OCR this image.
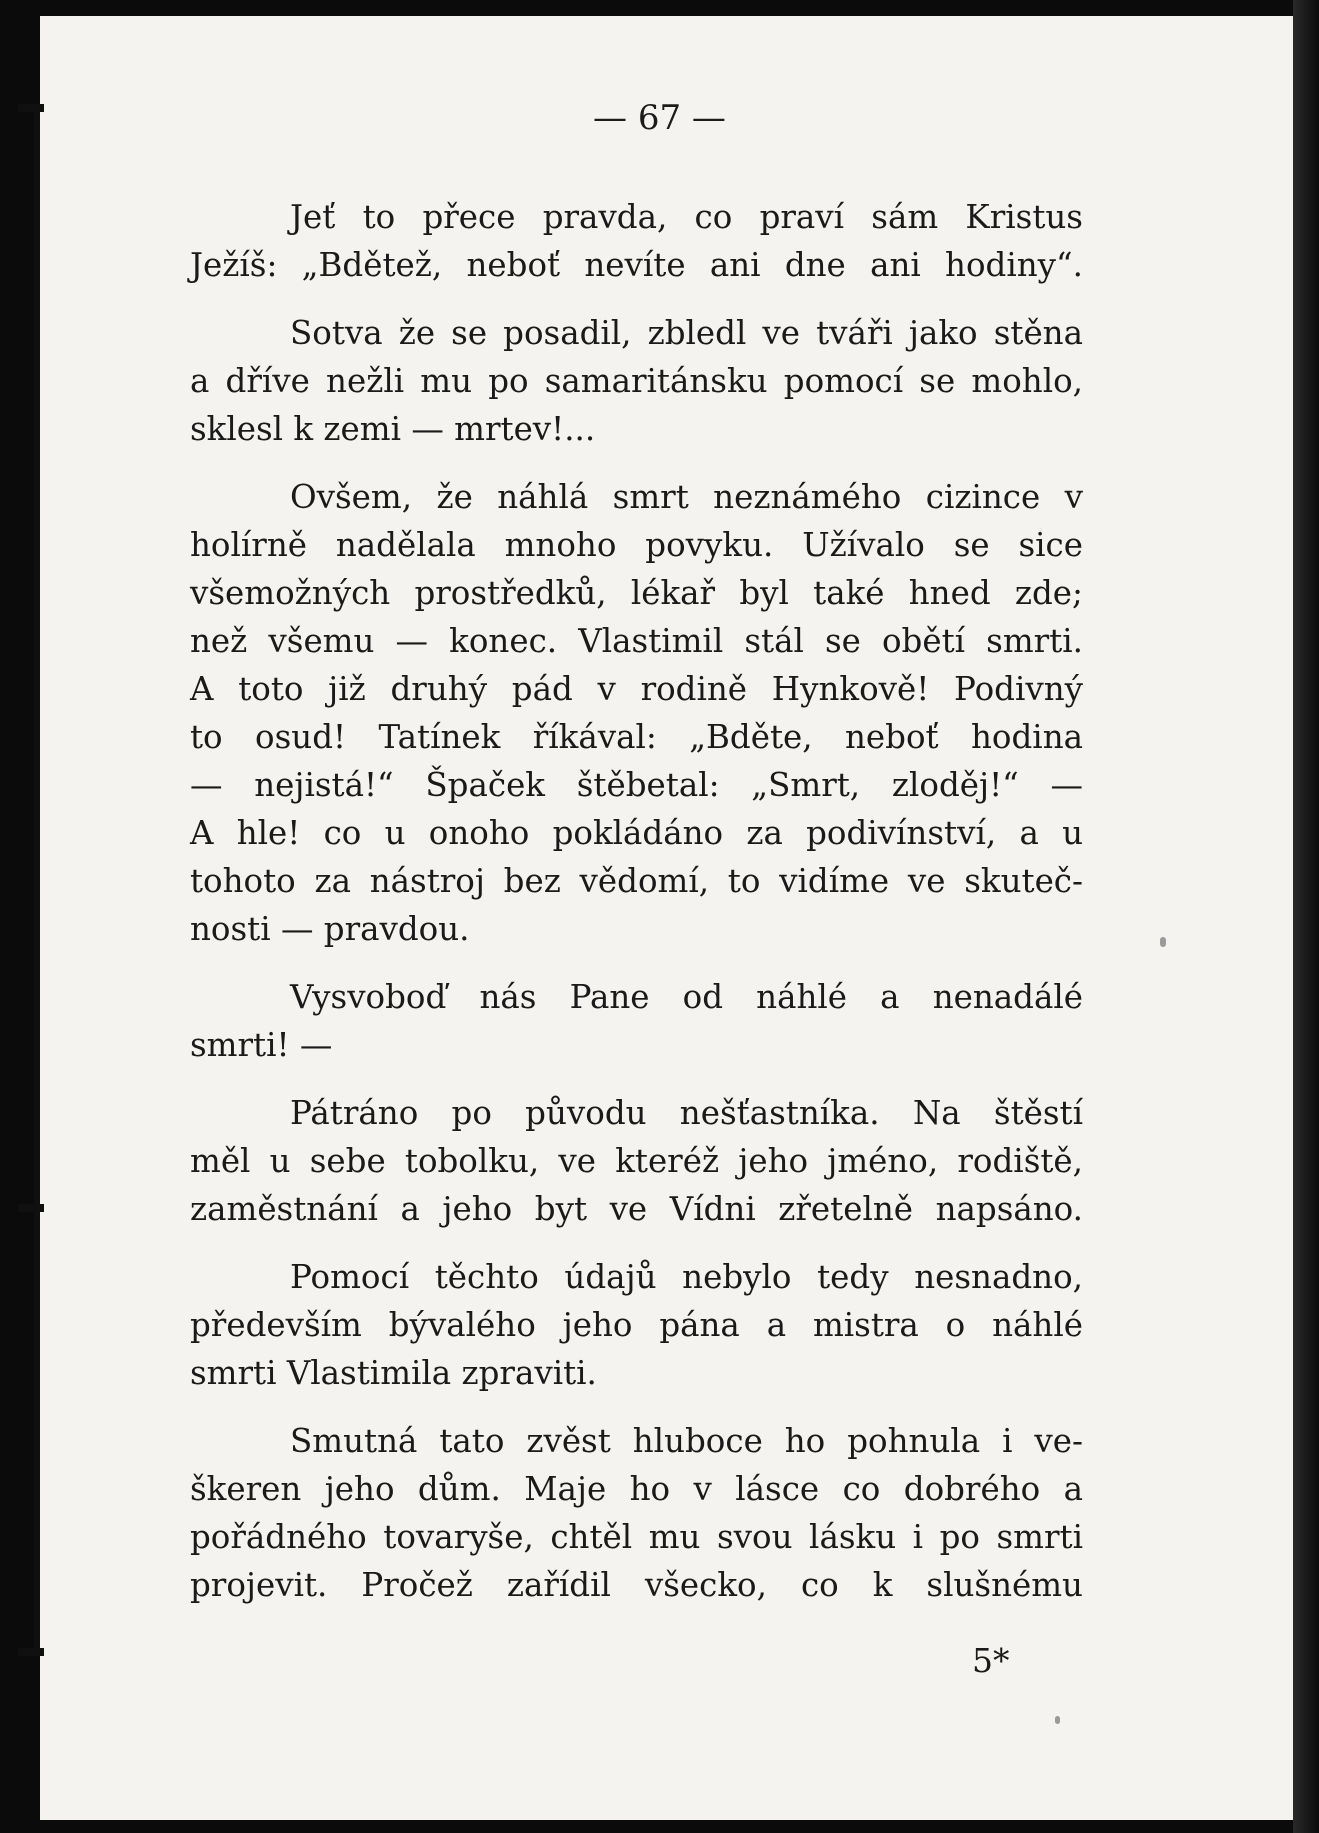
— 67 —

Jeť to přece pravda, co praví sám Kristus
Ježíš: „Bdětež, neboť nevíte ani dne ani hodiny“.

Sotva že se posadil, zbledl ve tváři jako stěna
a dříve nežli mu po samaritánsku pomocí se mohlo,
sklesl k zemi — mrtev!...

Ovšem, že náhlá smrt neznámého cizince v
holírně nadělala mnoho povyku. Užívalo se sice
všemožných prostředků, lékař byl také hned zde;
než všemu — konec. Vlastimil stál se obětí smrti.
A toto již druhý pád v rodině Hynkově! Podivný
to osud! Tatínek říkával: „Bděte, neboť hodina
— nejistá!“ Špaček štěbetal: „Smrt, zloděj!“ —
A hle! co u onoho pokládáno za podivínství, a u
tohoto za nástroj bez vědomí, to vidíme ve skuteč-
nosti — pravdou.

Vysvoboď nás Pane od náhlé a nenadálé
smrti! —

Pátráno po původu nešťastníka. Na štěstí
měl u sebe tobolku, ve kteréž jeho jméno, rodiště,
zaměstnání a jeho byt ve Vídni zřetelně napsáno.

Pomocí těchto údajů nebylo tedy nesnadno,
především bývalého jeho pána a mistra o náhlé
smrti Vlastimila zpraviti.

Smutná tato zvěst hluboce ho pohnula i ve-
škeren jeho dům. Maje ho v lásce co dobrého a
pořádného tovaryše, chtěl mu svou lásku i po smrti
projevit. Pročež zařídil všecko, co k slušnému

5*
